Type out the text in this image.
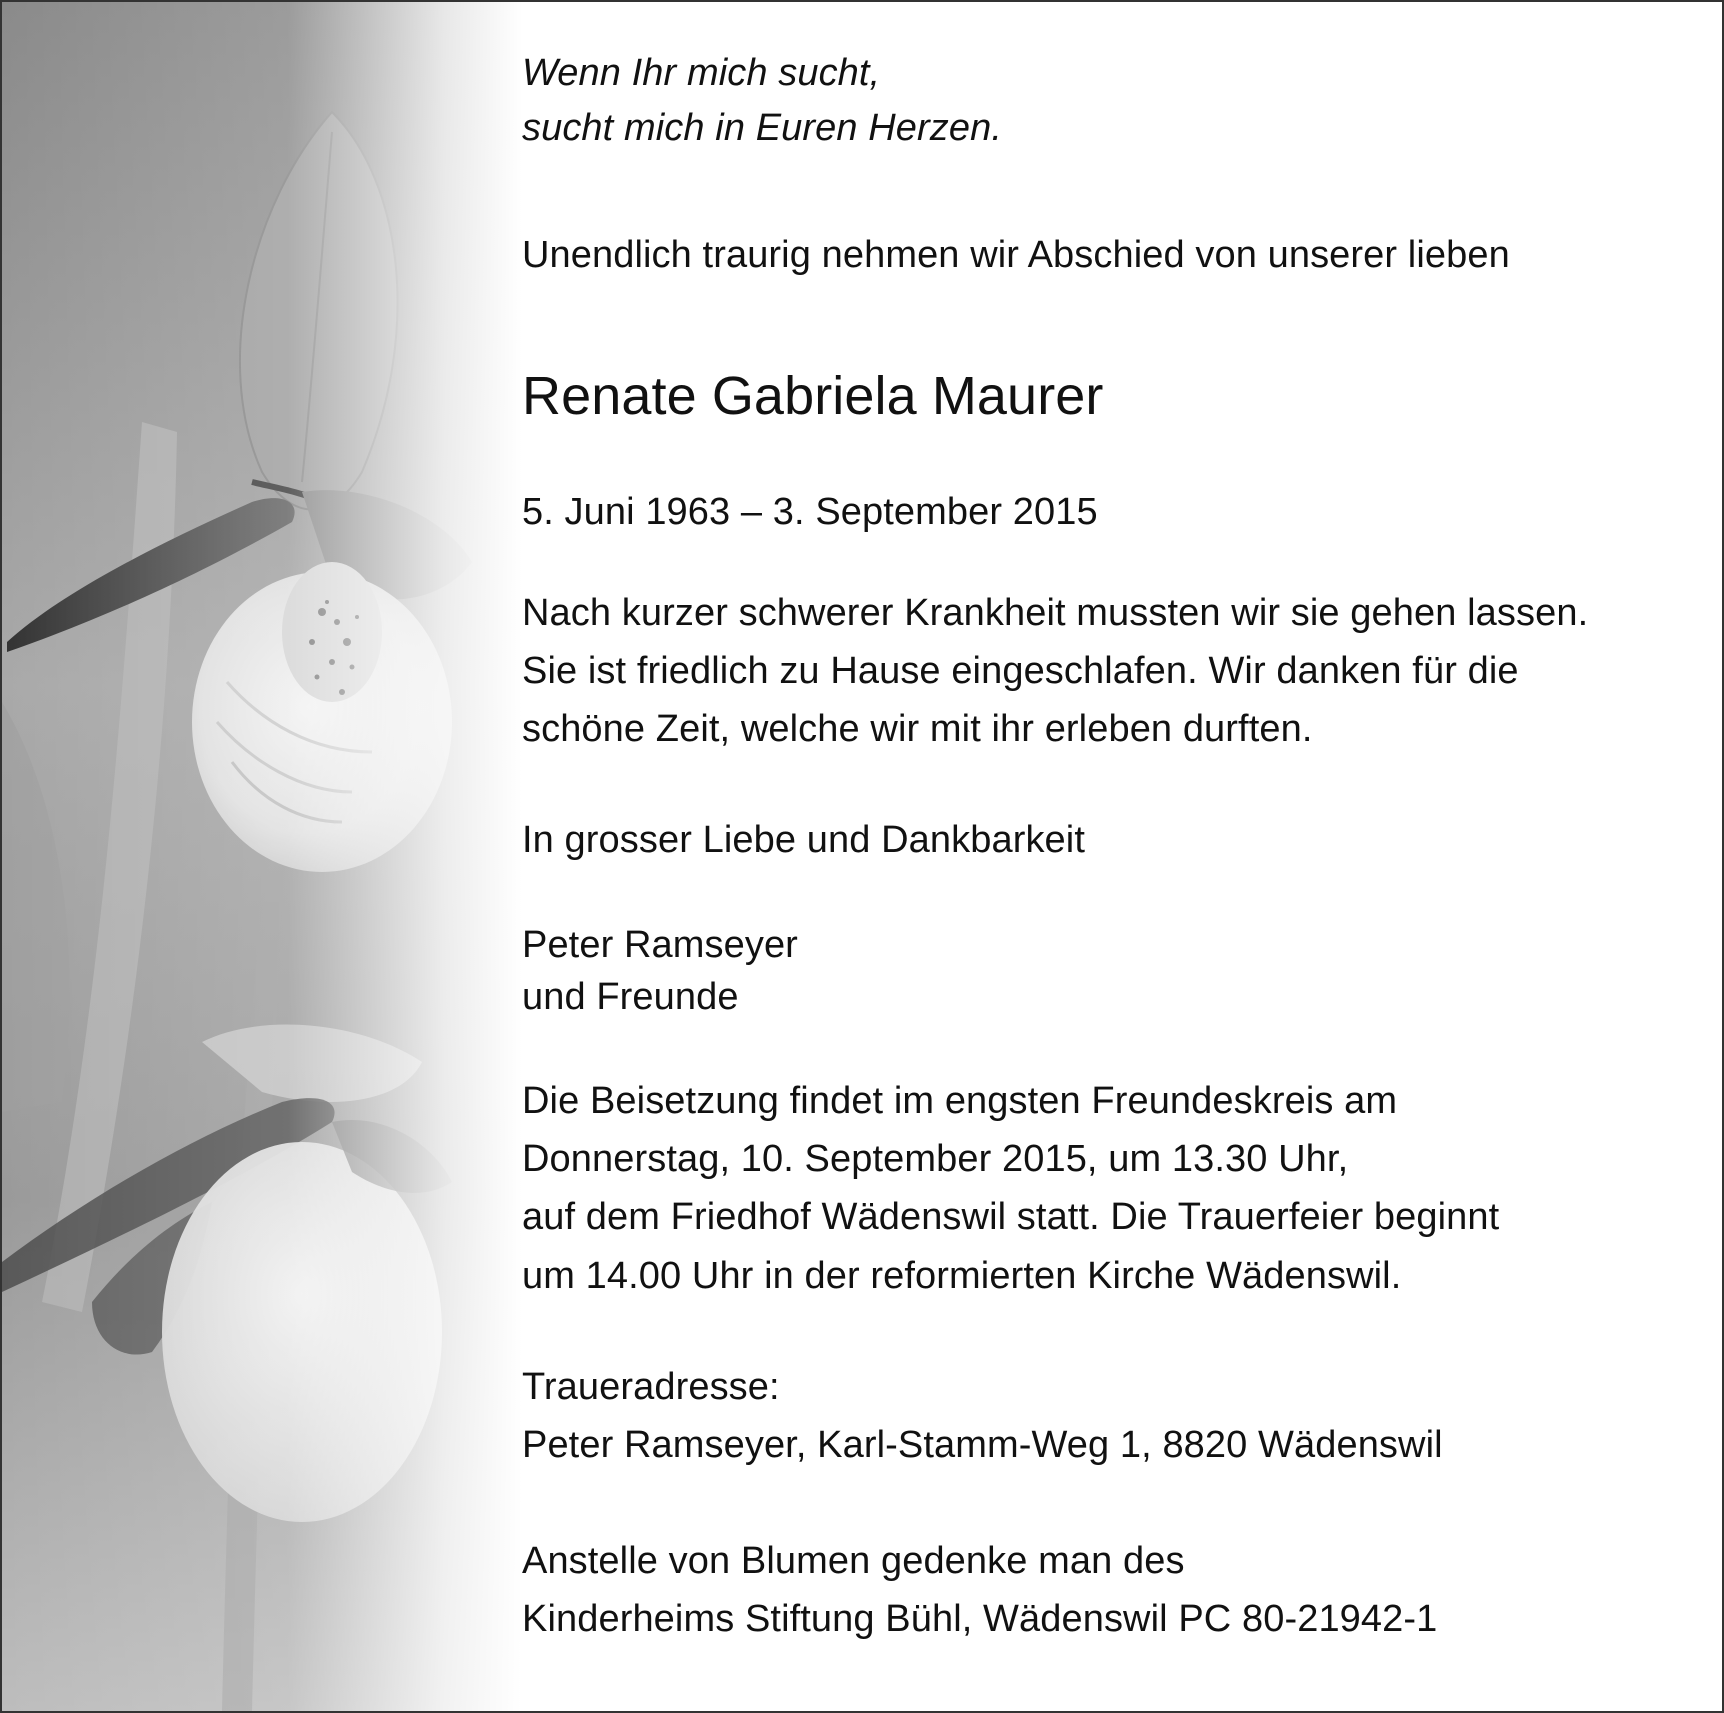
Wenn Ihr mich sucht,
sucht mich in Euren Herzen.
Unendlich traurig nehmen wir Abschied von unserer lieben
Renate Gabriela Maurer
5. Juni 1963 – 3. September 2015
Nach kurzer schwerer Krankheit mussten wir sie gehen lassen.
Sie ist friedlich zu Hause eingeschlafen. Wir danken für die
schöne Zeit, welche wir mit ihr erleben durften.
In grosser Liebe und Dankbarkeit
Peter Ramseyer
und Freunde
Die Beisetzung findet im engsten Freundeskreis am
Donnerstag, 10. September 2015, um 13.30 Uhr,
auf dem Friedhof Wädenswil statt. Die Trauerfeier beginnt
um 14.00 Uhr in der reformierten Kirche Wädenswil.
Traueradresse:
Peter Ramseyer, Karl-Stamm-Weg 1, 8820 Wädenswil
Anstelle von Blumen gedenke man des
Kinderheims Stiftung Bühl, Wädenswil PC 80-21942-1
